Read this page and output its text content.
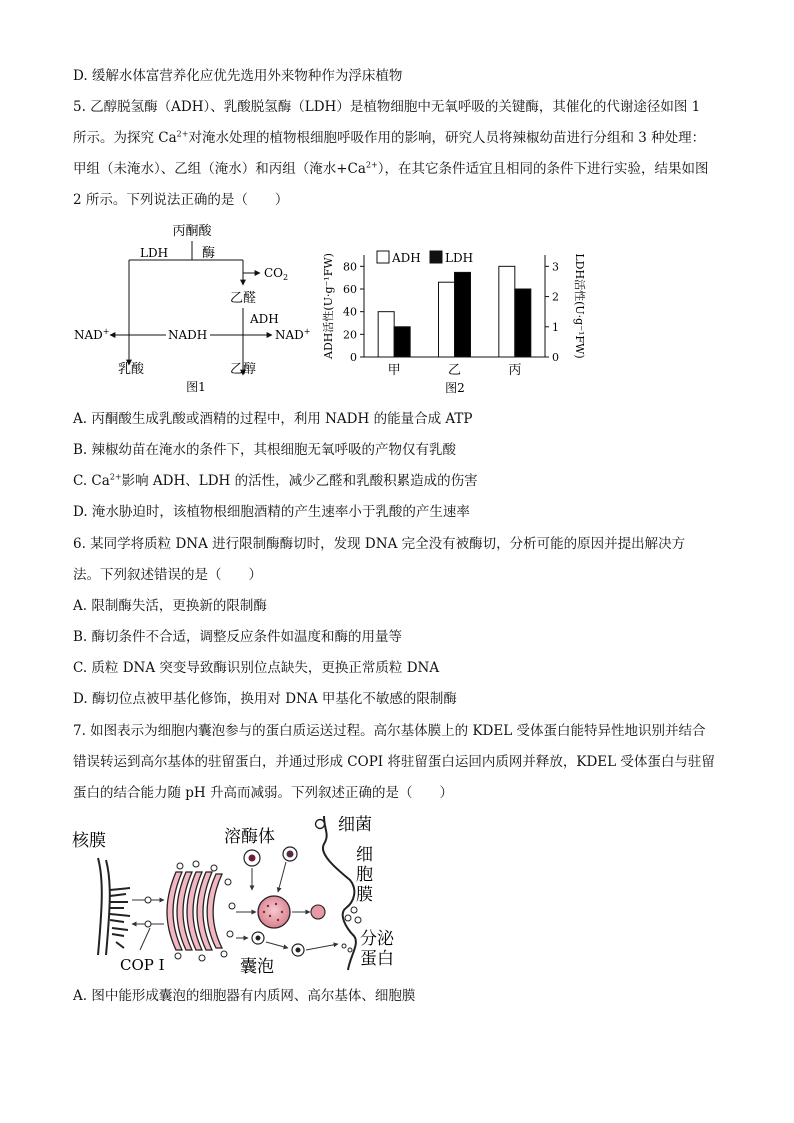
D. 缓解水体富营养化应优先选用外来物种作为浮床植物
5. 乙醇脱氢酶（ADH）、乳酸脱氢酶（LDH）是植物细胞中无氧呼吸的关键酶，其催化的代谢途径如图 1
所示。为探究 $Ca^{2+}$对淹水处理的植物根细胞呼吸作用的影响，研究人员将辣椒幼苗进行分组和 3 种处理：
甲组（未淹水）、乙组（淹水）和丙组（淹水$+Ca^{2+}$），在其它条件适宜且相同的条件下进行实验，结果如图
2 所示。下列说法正确的是（　　）
丙酮酸
LDH	酶
$CO_2$
乙醛
ADH
NADH
NAD+	NAD+
乳酸	乙醇
图1
0
20
40
60
80
0
1
2
3
甲	乙	丙
ADH LDH
ADH活性(U·g⁻¹FW)	LDH活性(U·g⁻¹FW)
图2
A. 丙酮酸生成乳酸或酒精的过程中，利用 NADH 的能量合成 ATP
B. 辣椒幼苗在淹水的条件下，其根细胞无氧呼吸的产物仅有乳酸
C. $Ca^{2+}$影响 ADH、LDH 的活性，减少乙醛和乳酸积累造成的伤害
D. 淹水胁迫时，该植物根细胞酒精的产生速率小于乳酸的产生速率
6. 某同学将质粒 DNA 进行限制酶酶切时，发现 DNA 完全没有被酶切，分析可能的原因并提出解决方
法。下列叙述错误的是（　　）
A. 限制酶失活，更换新的限制酶
B. 酶切条件不合适，调整反应条件如温度和酶的用量等
C. 质粒 DNA 突变导致酶识别位点缺失，更换正常质粒 DNA
D. 酶切位点被甲基化修饰，换用对 DNA 甲基化不敏感的限制酶
7. 如图表示为细胞内囊泡参与的蛋白质运送过程。高尔基体膜上的 KDEL 受体蛋白能特异性地识别并结合
错误转运到高尔基体的驻留蛋白，并通过形成 COPI 将驻留蛋白运回内质网并释放，KDEL 受体蛋白与驻留
蛋白的结合能力随 pH 升高而减弱。下列叙述正确的是（　　）
核膜
COP I
溶酶体
细菌
细
胞
膜
分泌
蛋白
囊泡
A. 图中能形成囊泡的细胞器有内质网、高尔基体、细胞膜
